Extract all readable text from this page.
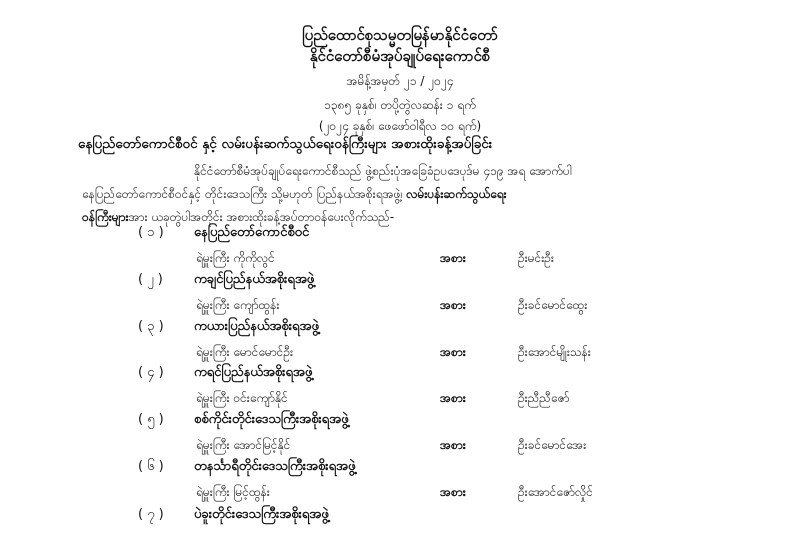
ပြည်ထောင်စုသမ္မတမြန်မာနိုင်ငံတော်
နိုင်ငံတော်စီမံအုပ်ချုပ်ရေးကောင်စီ
အမိန့်အမှတ် ၂၁ / ၂၀၂၄
၁၃၈၅ ခုနှစ်၊ တပို့တွဲလဆန်း ၁ ရက်
(၂၀၂၄ ခုနှစ်၊ ဖေဖော်ဝါရီလ ၁၀ ရက်)
နေပြည်တော်ကောင်စီဝင် နှင့် လမ်းပန်းဆက်သွယ်ရေးဝန်ကြီးများ အစားထိုးခန့်အပ်ခြင်း
နိုင်ငံတော်စီမံအုပ်ချုပ်ရေးကောင်စီသည် ဖွဲ့စည်းပုံအခြေခံဥပဒေပုဒ်မ ၄၁၉ အရ အောက်ပါ
နေပြည်တော်ကောင်စီဝင်နှင့် တိုင်းဒေသကြီး သို့မဟုတ် ပြည်နယ်အစိုးရအဖွဲ့၊ လမ်းပန်းဆက်သွယ်ရေး
ဝန်ကြီးများအား ယခုတွဲပါအတိုင်း အစားထိုးခန့်အပ်တာဝန်ပေးလိုက်သည်-
( ၁ ) နေပြည်တော်ကောင်စီဝင်
ရဲမှူးကြီး ကိုကိုလွင်	အစား	ဦးမင်းဦး
( ၂ ) ကချင်ပြည်နယ်အစိုးရအဖွဲ့
ရဲမှူးကြီး ကျော်ထွန်း	အစား	ဦးခင်မောင်ထွေး
( ၃ ) ကယားပြည်နယ်အစိုးရအဖွဲ့
ရဲမှူးကြီး မောင်မောင်ဦး	အစား	ဦးအောင်မျိုးသန်း
( ၄ ) ကရင်ပြည်နယ်အစိုးရအဖွဲ့
ရဲမှူးကြီး ဝင်းကျော်နိုင်	အစား	ဦးညီညီဇော်
( ၅ ) စစ်ကိုင်းတိုင်းဒေသကြီးအစိုးရအဖွဲ့
ရဲမှူးကြီး အောင်မြင့်နိုင်	အစား	ဦးခင်မောင်အေး
( ၆ ) တနင်္သာရီတိုင်းဒေသကြီးအစိုးရအဖွဲ့
ရဲမှူးကြီး မြင့်ထွန်း	အစား	ဦးအောင်ဇော်လှိုင်
( ၇ ) ပဲခူးတိုင်းဒေသကြီးအစိုးရအဖွဲ့
